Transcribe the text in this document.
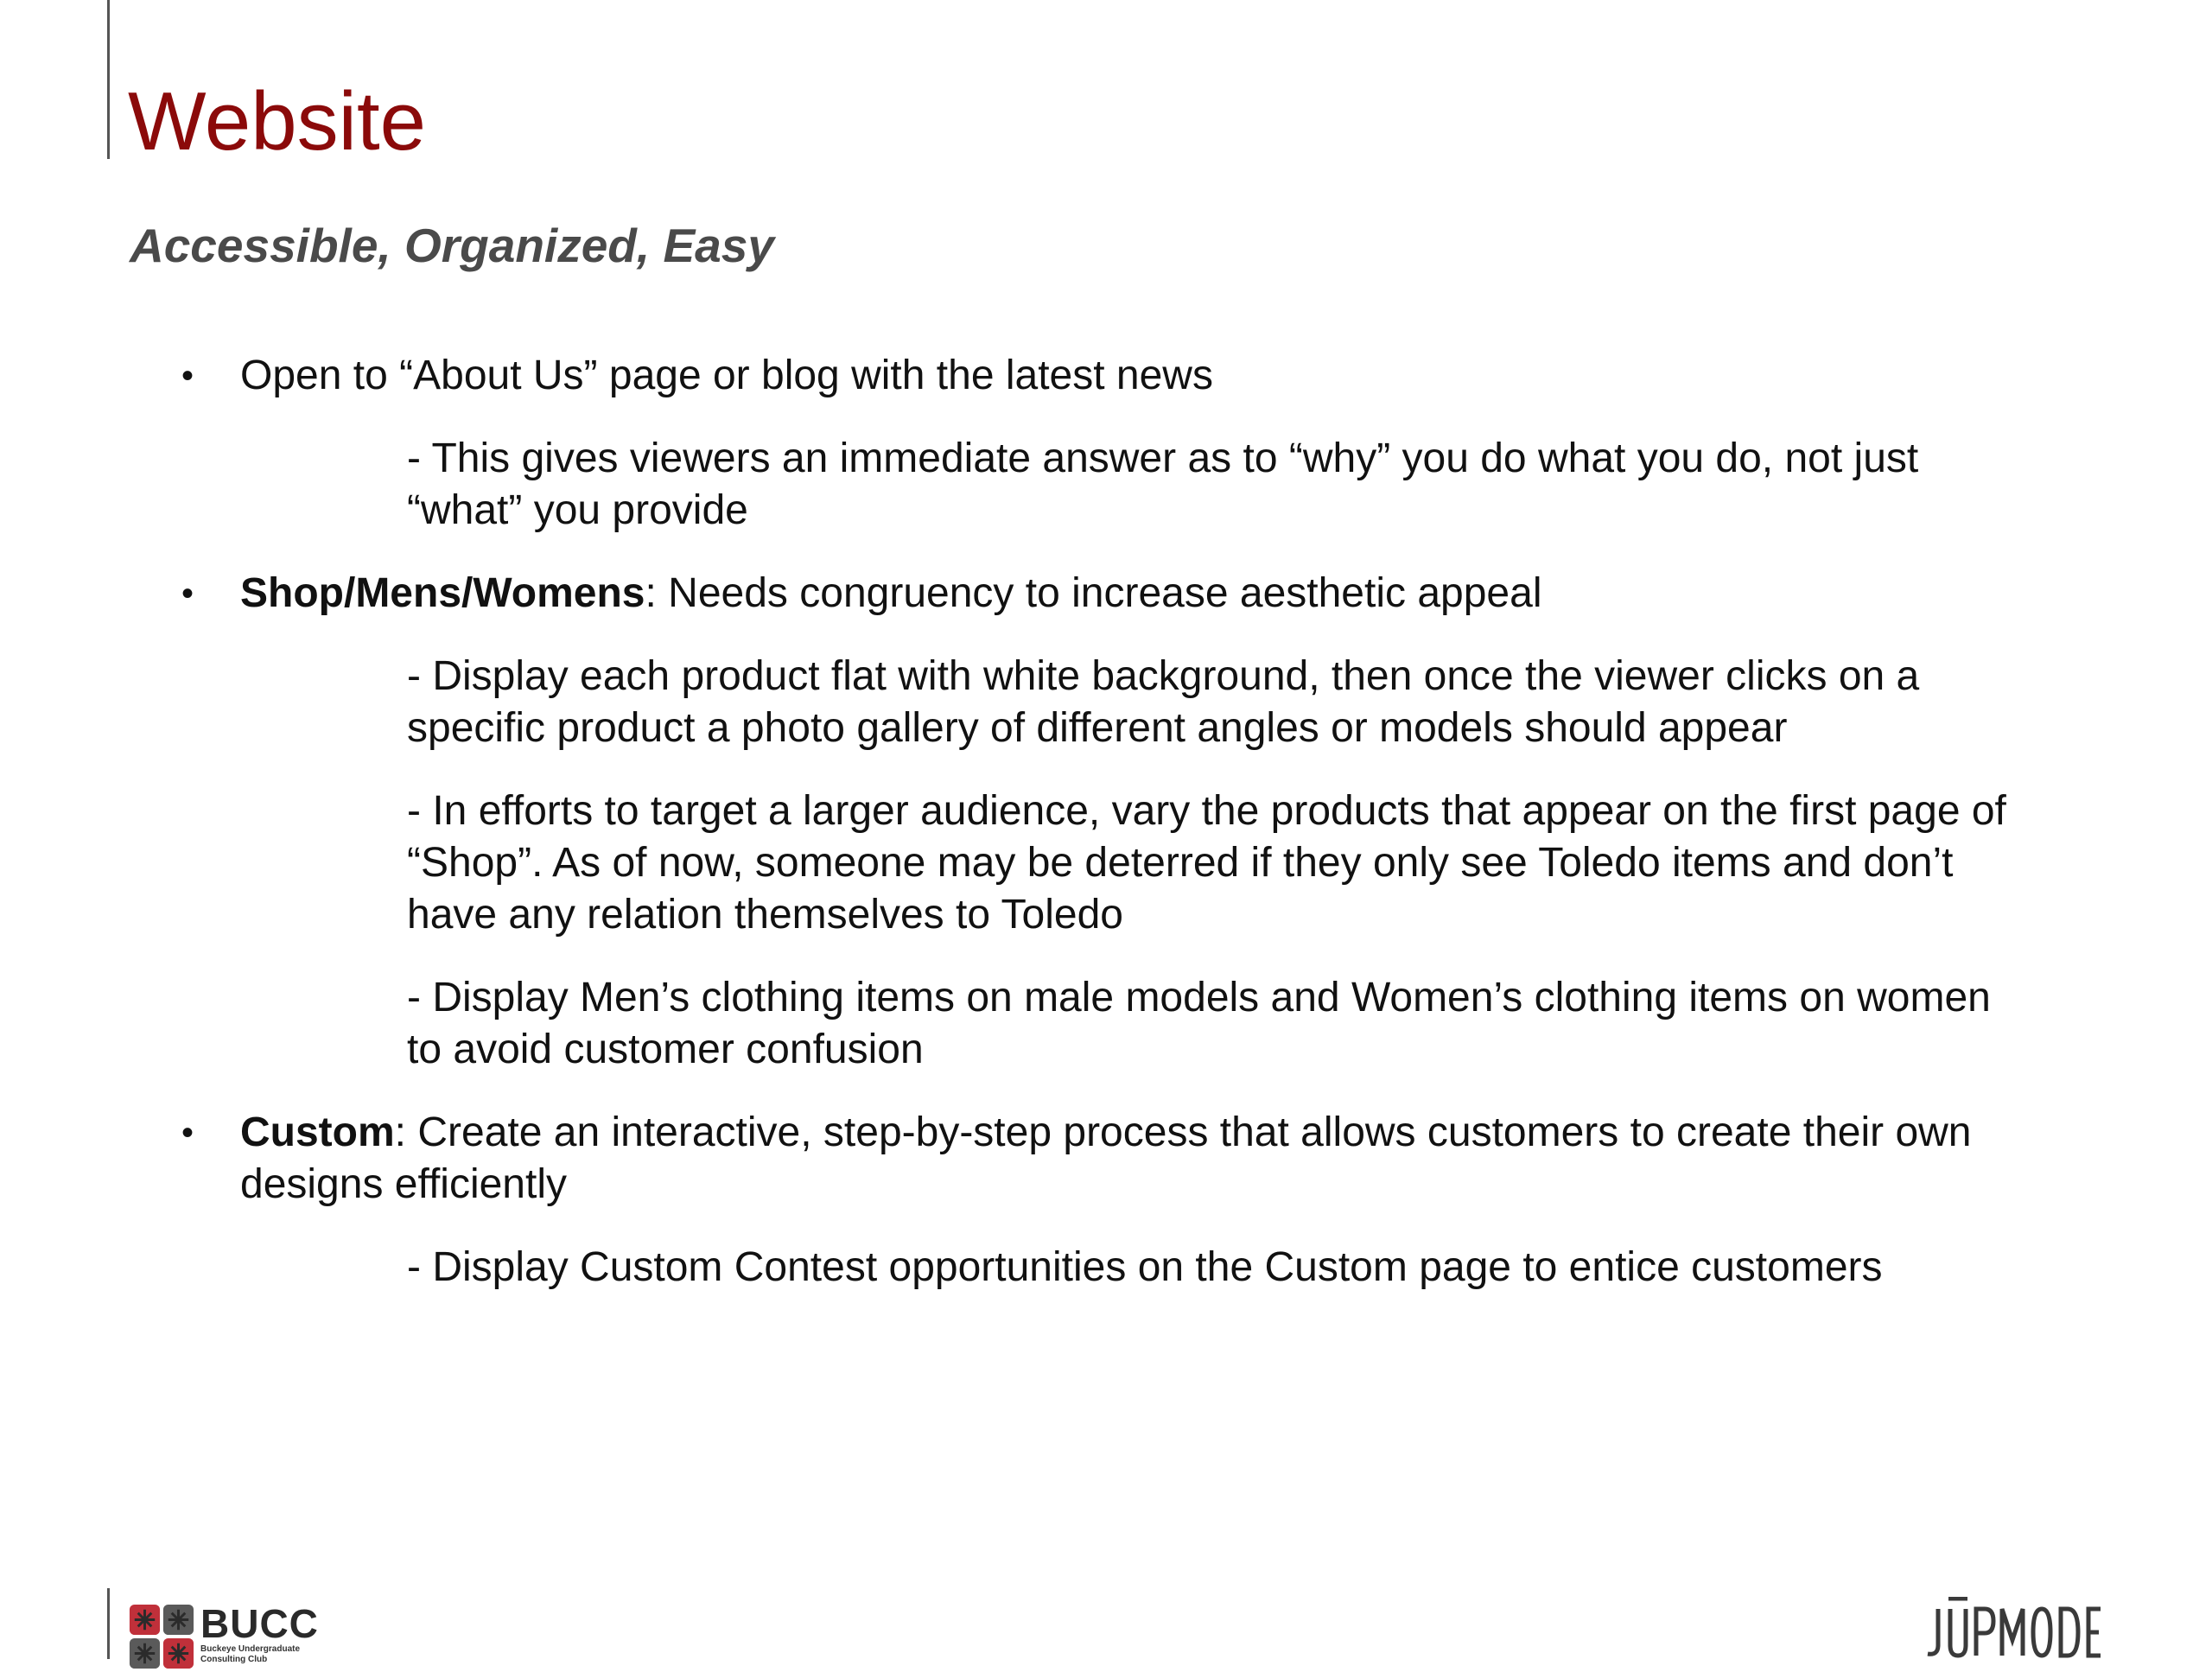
Website
Accessible, Organized, Easy

• Open to “About Us” page or blog with the latest news

- This gives viewers an immediate answer as to “why” you do what you do, not just “what” you provide

• Shop/Mens/Womens: Needs congruency to increase aesthetic appeal

- Display each product flat with white background, then once the viewer clicks on a specific product a photo gallery of different angles or models should appear

- In efforts to target a larger audience, vary the products that appear on the first page of “Shop”. As of now, someone may be deterred if they only see Toledo items and don’t have any relation themselves to Toledo

- Display Men’s clothing items on male models and Women’s clothing items on women to avoid customer confusion

• Custom: Create an interactive, step-by-step process that allows customers to create their own designs efficiently

- Display Custom Contest opportunities on the Custom page to entice customers

BUCC
Buckeye Undergraduate
Consulting Club
